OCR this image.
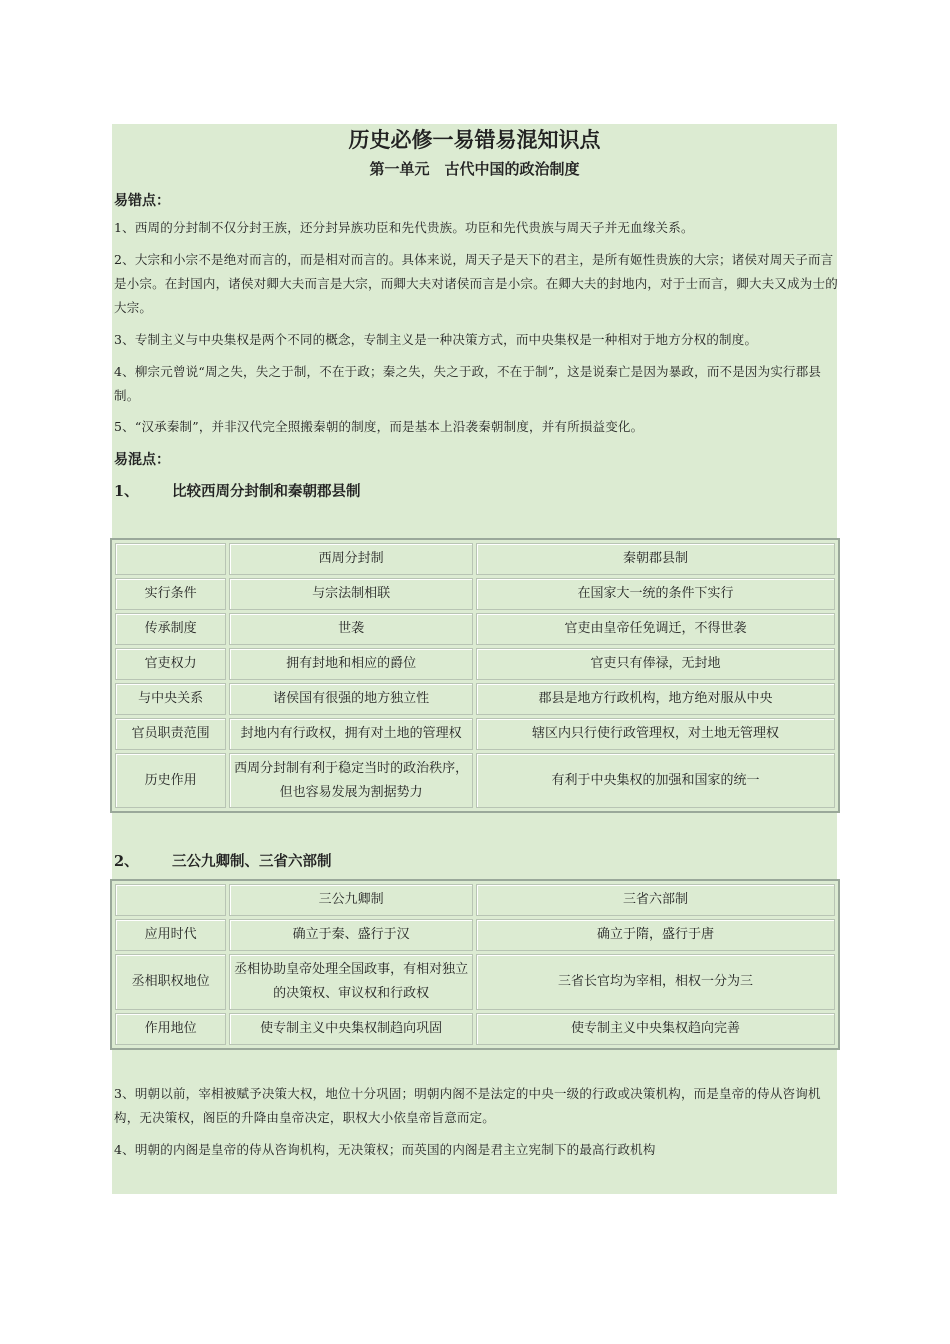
历史必修一易错易混知识点
第一单元　古代中国的政治制度
易错点：
1、西周的分封制不仅分封王族，还分封异族功臣和先代贵族。功臣和先代贵族与周天子并无血缘关系。
2、大宗和小宗不是绝对而言的，而是相对而言的。具体来说，周天子是天下的君主，是所有姬性贵族的大宗；诸侯对周天子而言是小宗。在封国内，诸侯对卿大夫而言是大宗，而卿大夫对诸侯而言是小宗。在卿大夫的封地内，对于士而言，卿大夫又成为士的大宗。
3、专制主义与中央集权是两个不同的概念，专制主义是一种决策方式，而中央集权是一种相对于地方分权的制度。
4、柳宗元曾说“周之失，失之于制，不在于政；秦之失，失之于政，不在于制”，这是说秦亡是因为暴政，而不是因为实行郡县制。
5、“汉承秦制”，并非汉代完全照搬秦朝的制度，而是基本上沿袭秦朝制度，并有所损益变化。
易混点：
1、 比较西周分封制和秦朝郡县制
2、 三公九卿制、三省六部制
3、明朝以前，宰相被赋予决策大权，地位十分巩固；明朝内阁不是法定的中央一级的行政或决策机构，而是皇帝的侍从咨询机构，无决策权，阁臣的升降由皇帝决定，职权大小依皇帝旨意而定。
4、明朝的内阁是皇帝的侍从咨询机构，无决策权；而英国的内阁是君主立宪制下的最高行政机构
	西周分封制	秦朝郡县制
实行条件	与宗法制相联	在国家大一统的条件下实行
传承制度	世袭	官吏由皇帝任免调迁，不得世袭
官吏权力	拥有封地和相应的爵位	官吏只有俸禄，无封地
与中央关系	诸侯国有很强的地方独立性	郡县是地方行政机构，地方绝对服从中央
官员职责范围	封地内有行政权，拥有对土地的管理权	辖区内只行使行政管理权，对土地无管理权
历史作用	西周分封制有利于稳定当时的政治秩序，但也容易发展为割据势力	有利于中央集权的加强和国家的统一
	三公九卿制	三省六部制
应用时代	确立于秦、盛行于汉	确立于隋，盛行于唐
丞相职权地位	丞相协助皇帝处理全国政事，有相对独立的决策权、审议权和行政权	三省长官均为宰相，相权一分为三
作用地位	使专制主义中央集权制趋向巩固	使专制主义中央集权趋向完善
